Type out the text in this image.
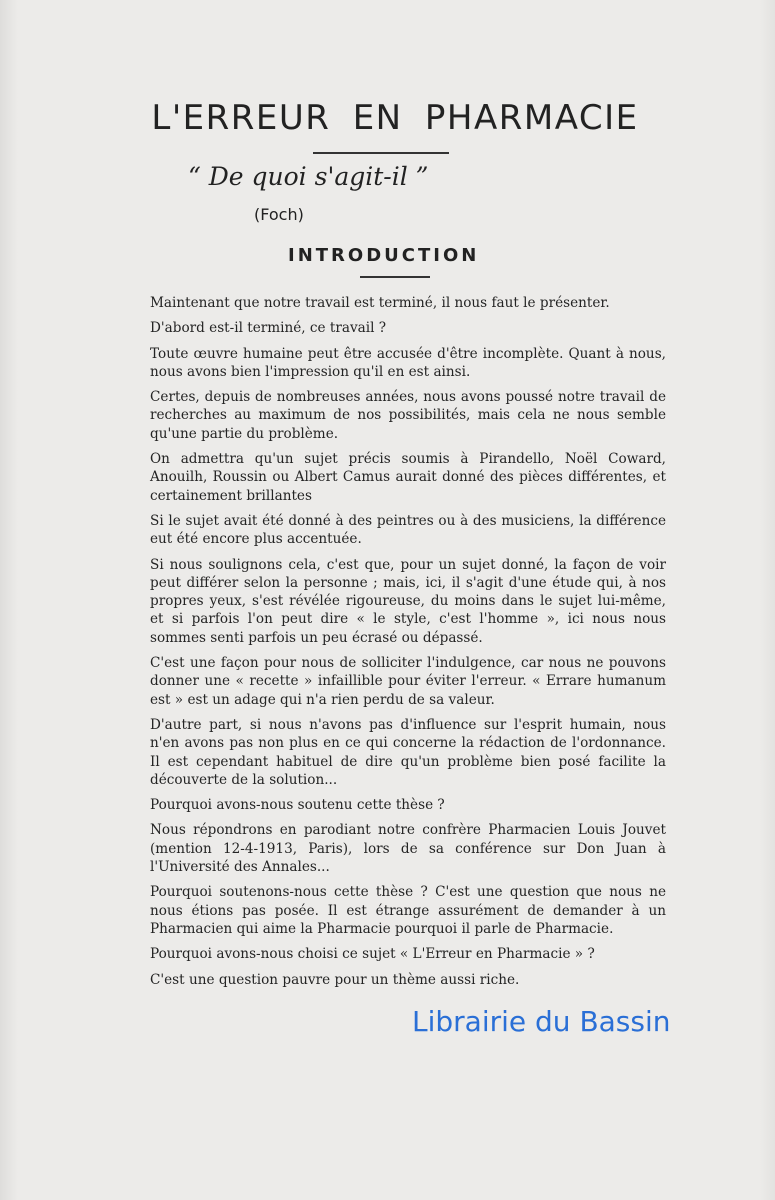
L'ERREUR EN PHARMACIE
“ De quoi s'agit-il ”
(Foch)
INTRODUCTION

Maintenant que notre travail est terminé, il nous faut le présenter.

D'abord est-il terminé, ce travail ?

Toute œuvre humaine peut être accusée d'être incomplète. Quant à nous, nous avons bien l'impression qu'il en est ainsi.

Certes, depuis de nombreuses années, nous avons poussé notre travail de recherches au maximum de nos possibilités, mais cela ne nous semble qu'une partie du problème.

On admettra qu'un sujet précis soumis à Pirandello, Noël Coward, Anouilh, Roussin ou Albert Camus aurait donné des pièces différentes, et certainement brillantes

Si le sujet avait été donné à des peintres ou à des musiciens, la différence eut été encore plus accentuée.

Si nous soulignons cela, c'est que, pour un sujet donné, la façon de voir peut différer selon la personne ; mais, ici, il s'agit d'une étude qui, à nos propres yeux, s'est révélée rigoureuse, du moins dans le sujet lui-même, et si parfois l'on peut dire « le style, c'est l'homme », ici nous nous sommes senti parfois un peu écrasé ou dépassé.

C'est une façon pour nous de solliciter l'indulgence, car nous ne pouvons donner une « recette » infaillible pour éviter l'erreur. « Errare humanum est » est un adage qui n'a rien perdu de sa valeur.

D'autre part, si nous n'avons pas d'influence sur l'esprit humain, nous n'en avons pas non plus en ce qui concerne la rédaction de l'ordonnance. Il est cependant habituel de dire qu'un problème bien posé facilite la découverte de la solution...

Pourquoi avons-nous soutenu cette thèse ?

Nous répondrons en parodiant notre confrère Pharmacien Louis Jouvet (mention 12-4-1913, Paris), lors de sa conférence sur Don Juan à l'Université des Annales...

Pourquoi soutenons-nous cette thèse ? C'est une question que nous ne nous étions pas posée. Il est étrange assurément de demander à un Pharmacien qui aime la Pharmacie pourquoi il parle de Pharmacie.

Pourquoi avons-nous choisi ce sujet « L'Erreur en Pharmacie » ?

C'est une question pauvre pour un thème aussi riche.

Librairie du Bassin
